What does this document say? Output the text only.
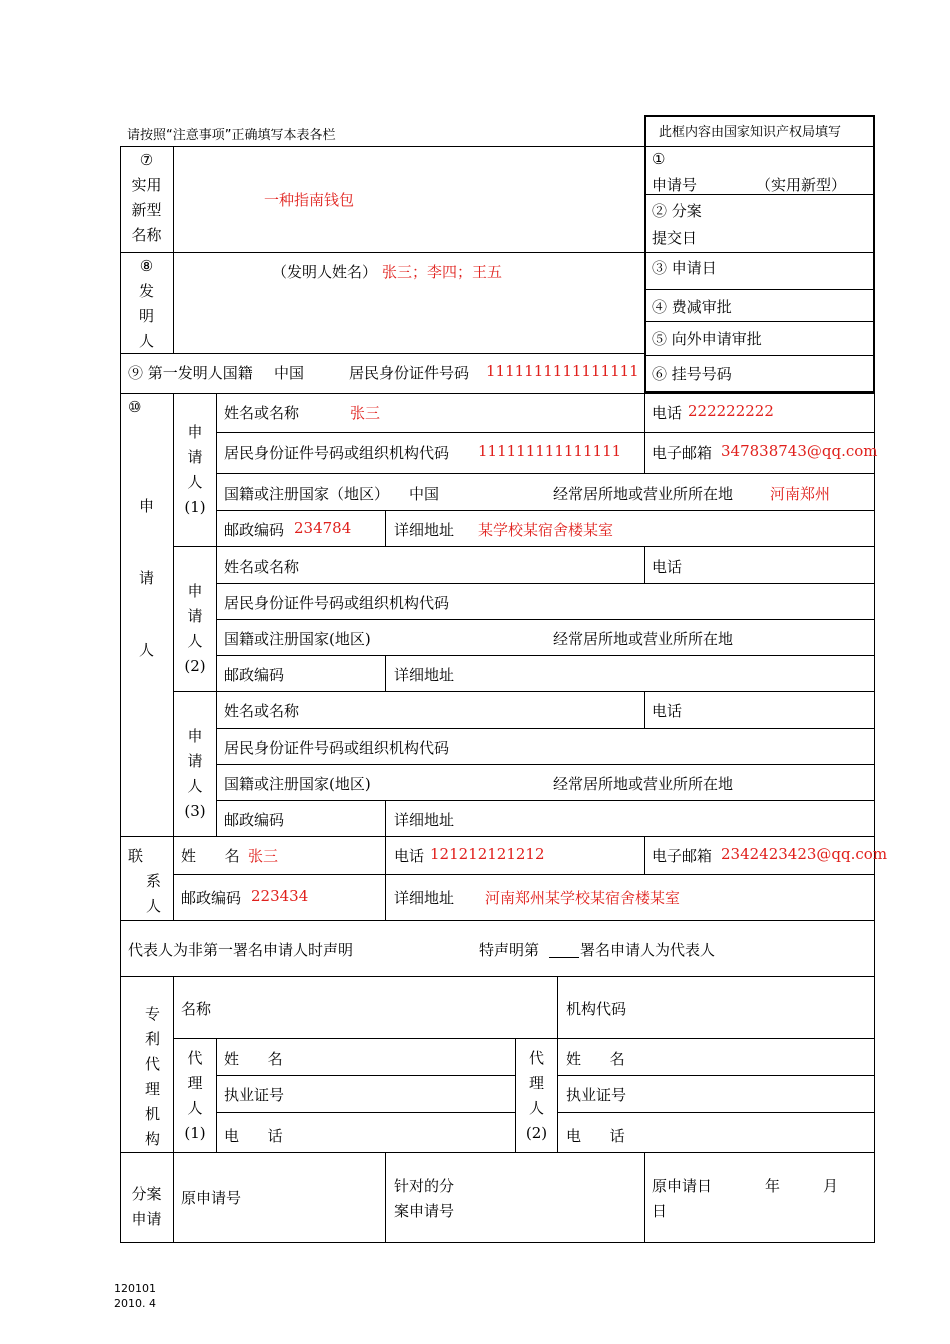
请按照“注意事项”正确填写本表各栏	此框内容由国家知识产权局填写
⑦
实用
新型
名称
一种指南钱包
①
申请号	（实用新型）
② 分案
提交日
③ 申请日
④ 费减审批
⑤ 向外申请审批
⑥ 挂号号码
⑧
发
明
人
（发明人姓名） 张三；李四；王五
⑨ 第一发明人国籍 中国	居民身份证件号码 1111111111111111
⑩
申
请
人
申
请
人
(1)
姓名或名称	张三	电话 222222222
居民身份证件号码或组织机构代码 111111111111111 电子邮箱 347838743@qq.com
国籍或注册国家（地区） 中国	经常居所地或营业所所在地 河南郑州
邮政编码 234784	详细地址 某学校某宿舍楼某室
申
请
人
(2)
姓名或名称	电话
居民身份证件号码或组织机构代码
国籍或注册国家(地区)	经常居所地或营业所所在地
邮政编码	详细地址
申
请
人
(3)
姓名或名称	电话
居民身份证件号码或组织机构代码
国籍或注册国家(地区)	经常居所地或营业所所在地
邮政编码	详细地址
联
系
人
姓      名 张三	电话 121212121212	电子邮箱 2342423423@qq.com
邮政编码 223434	详细地址 河南郑州某学校某宿舍楼某室
代表人为非第一署名申请人时声明	特声明第	署名申请人为代表人
专
利
代
理
机
构
名称	机构代码
代
理
人
(1)
姓      名
执业证号
电      话
代
理
人
(2)
姓      名
执业证号
电      话
分案
申请
原申请号
针对的分
案申请号
原申请日	年	月
日
120101
2010. 4
